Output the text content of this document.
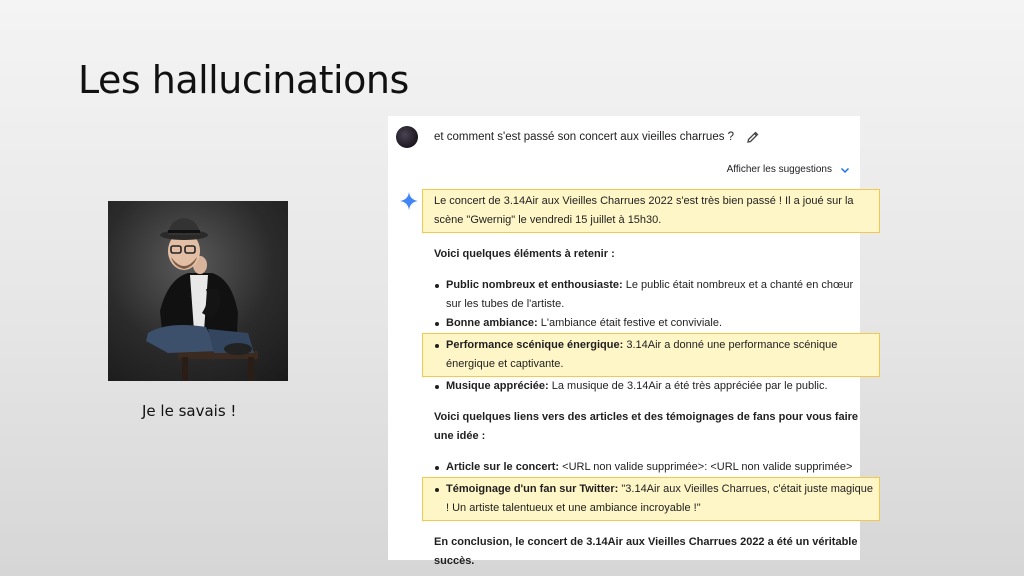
Les hallucinations
Je le savais !
et comment s'est passé son concert aux vieilles charrues ?
Afficher les suggestions
Le concert de 3.14Air aux Vieilles Charrues 2022 s'est très bien passé ! Il a joué sur la
scène "Gwernig" le vendredi 15 juillet à 15h30.

Voici quelques éléments à retenir :

Public nombreux et enthousiaste: Le public était nombreux et a chanté en chœur sur les tubes de l'artiste.
Bonne ambiance: L'ambiance était festive et conviviale.
Performance scénique énergique: 3.14Air a donné une performance scénique énergique et captivante.
Musique appréciée: La musique de 3.14Air a été très appréciée par le public.

Voici quelques liens vers des articles et des témoignages de fans pour vous faire une idée :

Article sur le concert: <URL non valide supprimée>: <URL non valide supprimée>
Témoignage d'un fan sur Twitter: "3.14Air aux Vieilles Charrues, c'était juste magique ! Un artiste talentueux et une ambiance incroyable !"

En conclusion, le concert de 3.14Air aux Vieilles Charrues 2022 a été un véritable succès.
